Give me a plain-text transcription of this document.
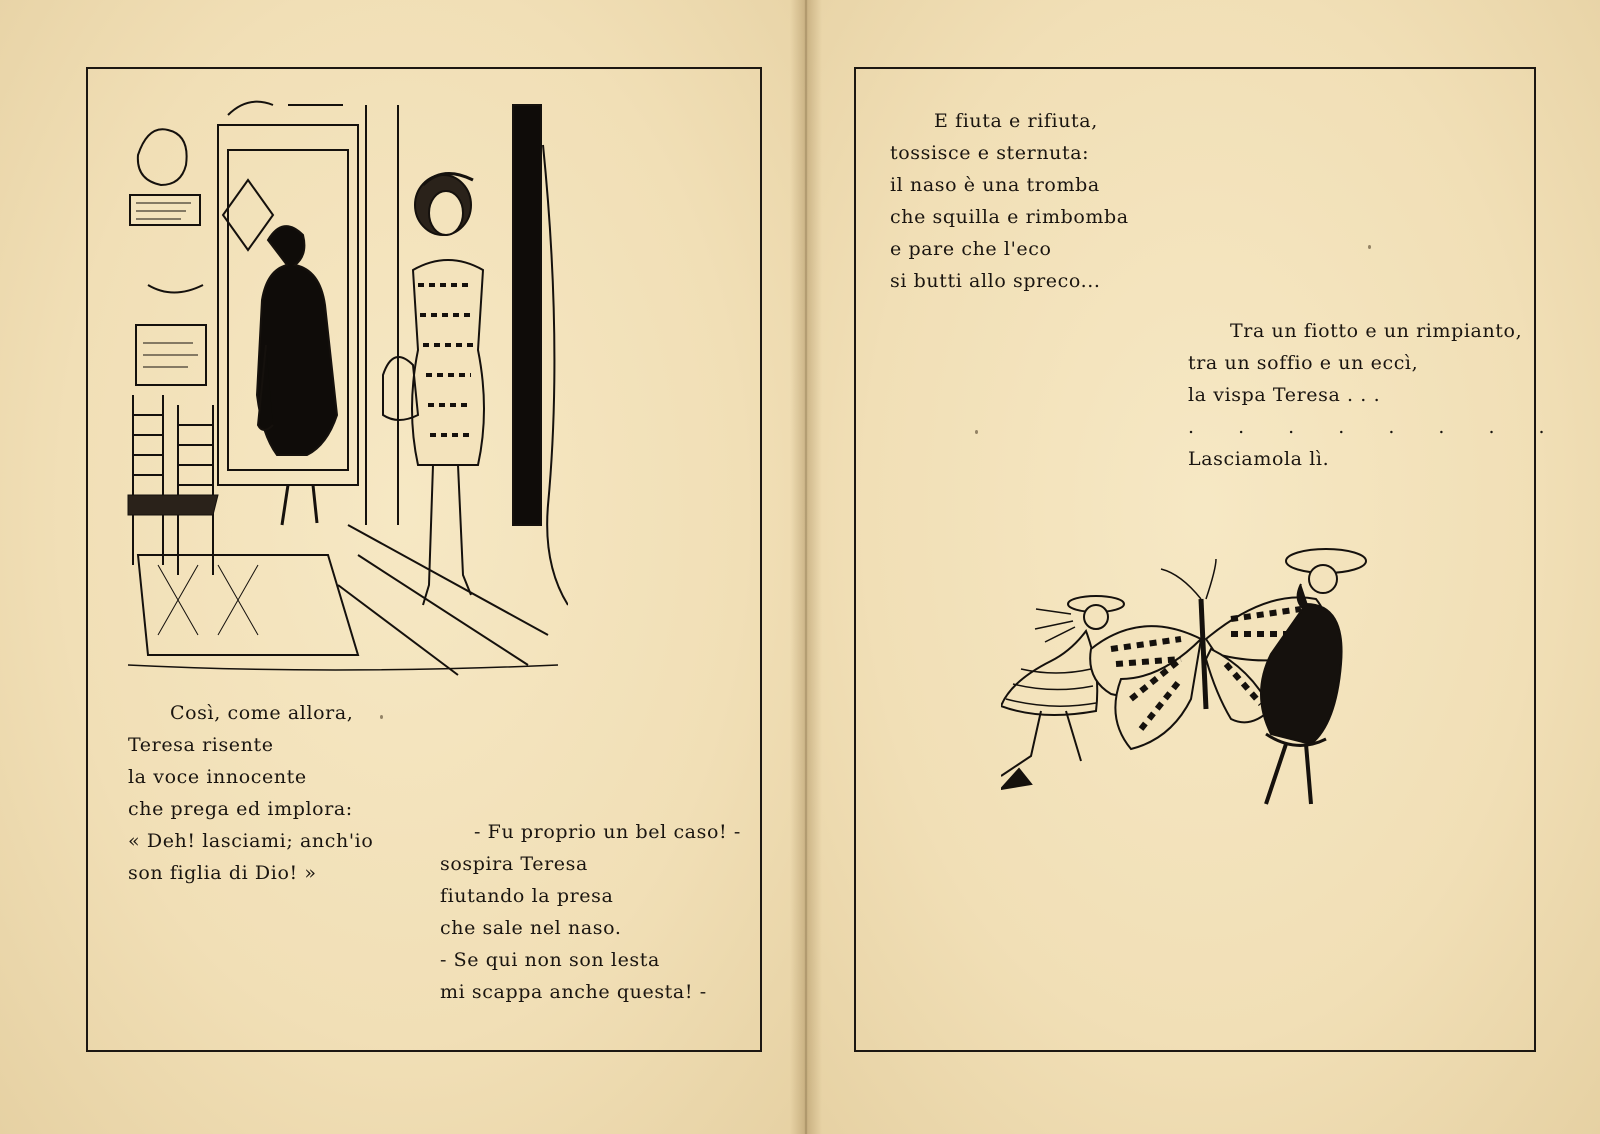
Così, come allora,
Teresa risente
la voce innocente
che prega ed implora:
« Deh! lasciami; anch'io
son figlia di Dio! »
- Fu proprio un bel caso! -
sospira Teresa
fiutando la presa
che sale nel naso.
- Se qui non son lesta
mi scappa anche questa! -
E fiuta e rifiuta,
tossisce e sternuta:
il naso è una tromba
che squilla e rimbomba
e pare che l'eco
si butti allo spreco...
Tra un fiotto e un rimpianto,
tra un soffio e un eccì,
la vispa Teresa . . .
. . . . . . . .
Lasciamola lì.
